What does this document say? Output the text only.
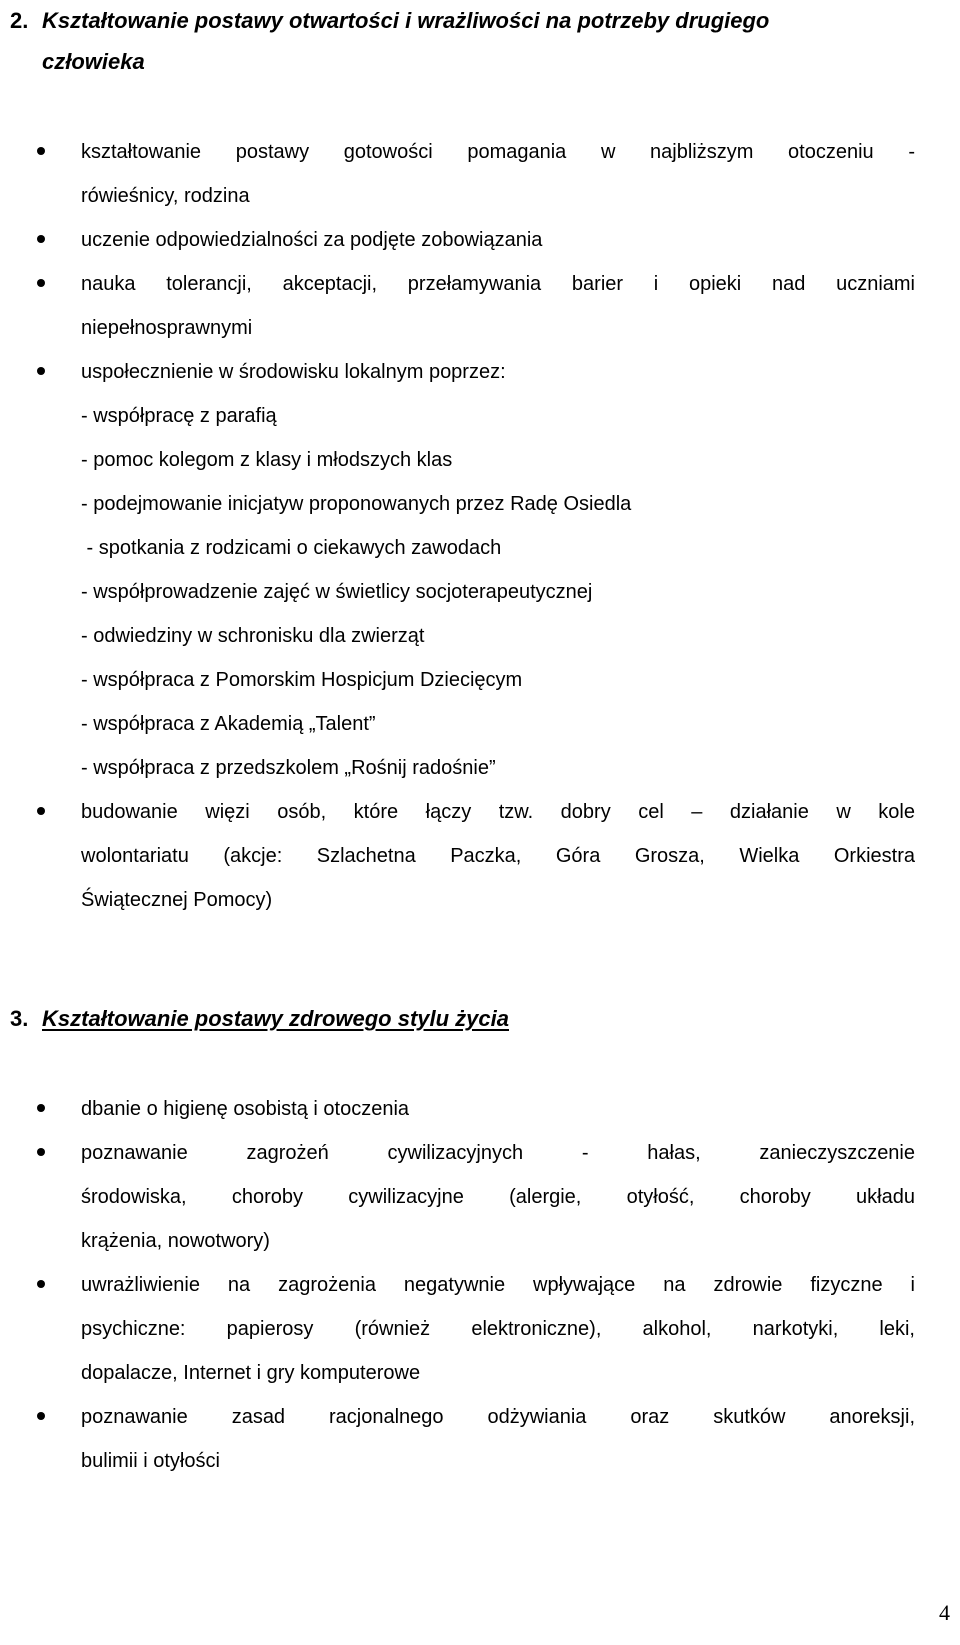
2. Kształtowanie postawy otwartości i wrażliwości na potrzeby drugiego
człowieka
kształtowanie postawy gotowości pomagania w najbliższym otoczeniu -
rówieśnicy, rodzina
uczenie odpowiedzialności za podjęte zobowiązania
nauka tolerancji, akceptacji, przełamywania barier i opieki nad uczniami
niepełnosprawnymi
uspołecznienie w środowisku lokalnym poprzez:
- współpracę z parafią
- pomoc kolegom z klasy i młodszych klas
- podejmowanie inicjatyw proponowanych przez Radę Osiedla
- spotkania z rodzicami o ciekawych zawodach
- współprowadzenie zajęć w świetlicy socjoterapeutycznej
- odwiedziny w schronisku dla zwierząt
- współpraca z Pomorskim Hospicjum Dziecięcym
- współpraca z Akademią „Talent”
- współpraca z przedszkolem „Rośnij radośnie”
budowanie więzi osób, które łączy tzw. dobry cel – działanie w kole
wolontariatu (akcje: Szlachetna Paczka, Góra Grosza, Wielka Orkiestra
Świątecznej Pomocy)
3. Kształtowanie postawy zdrowego stylu życia
dbanie o higienę osobistą i otoczenia
poznawanie zagrożeń cywilizacyjnych - hałas, zanieczyszczenie
środowiska, choroby cywilizacyjne (alergie, otyłość, choroby układu
krążenia, nowotwory)
uwrażliwienie na zagrożenia negatywnie wpływające na zdrowie fizyczne i
psychiczne: papierosy (również elektroniczne), alkohol, narkotyki, leki,
dopalacze, Internet i gry komputerowe
poznawanie zasad racjonalnego odżywiania oraz skutków anoreksji,
bulimii i otyłości
4
